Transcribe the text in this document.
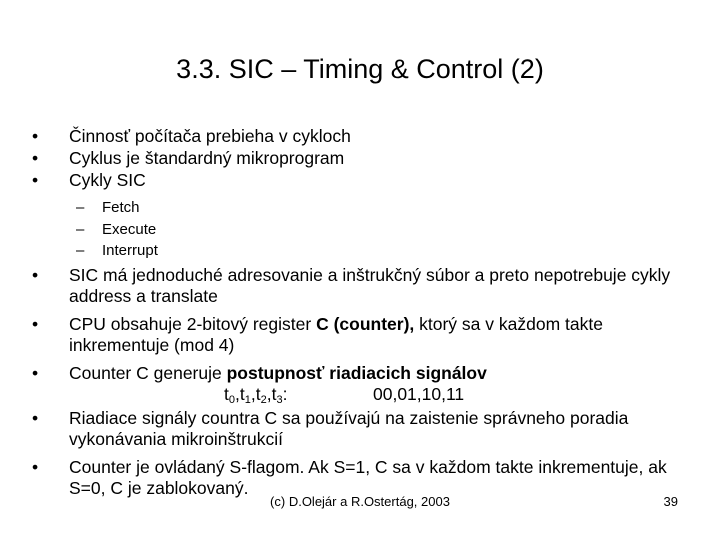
3.3. SIC – Timing & Control (2)
•	Činnosť počítača prebieha v cykloch
•	Cyklus je štandardný mikroprogram
•	Cykly SIC
– Fetch
– Execute
– Interrupt
•	SIC má jednoduché adresovanie a inštrukčný súbor a preto nepotrebuje cykly address a translate
•	CPU obsahuje 2-bitový register C (counter), ktorý sa v každom takte inkrementuje (mod 4)
•	Counter C generuje postupnosť riadiacich signálov
$t_0,t_1,t_2,t_3$:	00,01,10,11
•	Riadiace signály countra C sa používajú na zaistenie správneho poradia vykonávania mikroinštrukcií
•	Counter je ovládaný S-flagom. Ak S=1, C sa v každom takte inkrementuje, ak S=0, C je zablokovaný.
(c) D.Olejár a R.Ostertág, 2003	39
